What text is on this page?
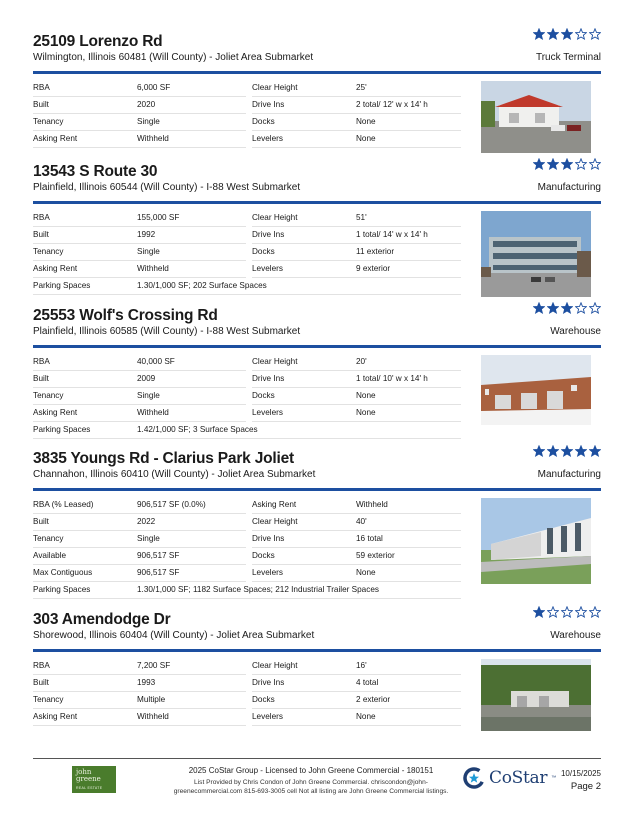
25109 Lorenzo Rd
Wilmington, Illinois 60481 (Will County) - Joliet Area Submarket	Truck Terminal
RBA	6,000 SF	Clear Height	25'
Built	2020	Drive Ins	2 total/ 12' w x 14' h
Tenancy	Single	Docks	None
Asking Rent	Withheld	Levelers	None
13543 S Route 30
Plainfield, Illinois 60544 (Will County) - I-88 West Submarket	Manufacturing
RBA	155,000 SF	Clear Height	51'
Built	1992	Drive Ins	1 total/ 14' w x 14' h
Tenancy	Single	Docks	11 exterior
Asking Rent	Withheld	Levelers	9 exterior
Parking Spaces	1.30/1,000 SF; 202 Surface Spaces
25553 Wolf's Crossing Rd
Plainfield, Illinois 60585 (Will County) - I-88 West Submarket	Warehouse
RBA	40,000 SF	Clear Height	20'
Built	2009	Drive Ins	1 total/ 10' w x 14' h
Tenancy	Single	Docks	None
Asking Rent	Withheld	Levelers	None
Parking Spaces	1.42/1,000 SF; 3 Surface Spaces
3835 Youngs Rd - Clarius Park Joliet
Channahon, Illinois 60410 (Will County) - Joliet Area Submarket	Manufacturing
RBA (% Leased)	906,517 SF (0.0%)	Asking Rent	Withheld
Built	2022	Clear Height	40'
Tenancy	Single	Drive Ins	16 total
Available	906,517 SF	Docks	59 exterior
Max Contiguous	906,517 SF	Levelers	None
Parking Spaces	1.30/1,000 SF; 1182 Surface Spaces; 212 Industrial Trailer Spaces
303 Amendodge Dr
Shorewood, Illinois 60404 (Will County) - Joliet Area Submarket	Warehouse
RBA	7,200 SF	Clear Height	16'
Built	1993	Drive Ins	4 total
Tenancy	Multiple	Docks	2 exterior
Asking Rent	Withheld	Levelers	None
john
greene
REAL ESTATE
2025 CoStar Group - Licensed to John Greene Commercial - 180151
List Provided by Chris Condon of John Greene Commercial. chriscondon@john-greenecommercial.com 815-693-3005 cell Not all listing are John Greene Commercial listings.
CoStar ™ 10/15/2025
Page 2
